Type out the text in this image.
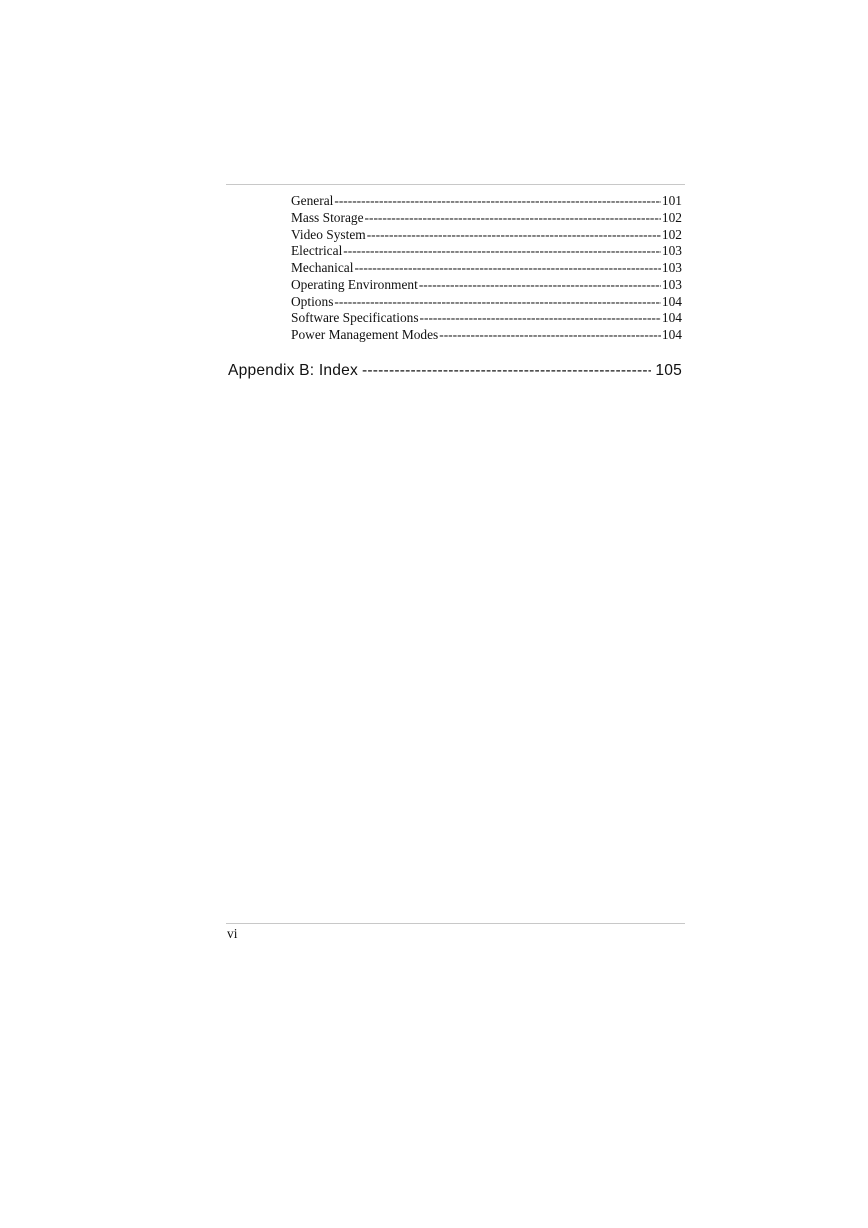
General -----	101
Mass Storage -----	102
Video System -----	102
Electrical -----	103
Mechanical -----	103
Operating Environment -----	103
Options -----	104
Software Specifications -----	104
Power Management Modes -----	104
Appendix B: Index -----	105
vi
